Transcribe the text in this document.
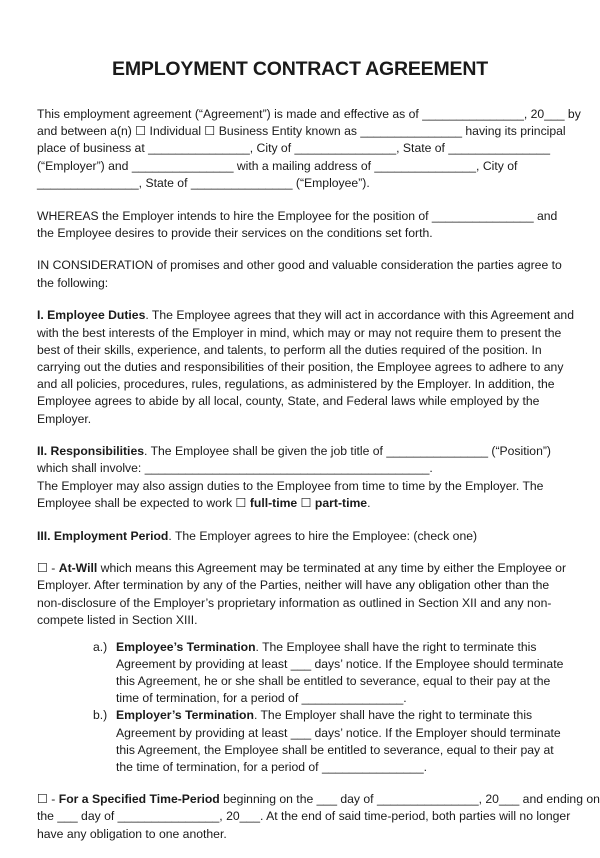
EMPLOYMENT CONTRACT AGREEMENT
This employment agreement (“Agreement”) is made and effective as of _______________, 20___ by
and between a(n) ☐ Individual ☐ Business Entity known as _______________ having its principal
place of business at _______________, City of _______________, State of _______________
(“Employer”) and _______________ with a mailing address of _______________, City of
_______________, State of _______________ (“Employee”).
WHEREAS the Employer intends to hire the Employee for the position of _______________ and
the Employee desires to provide their services on the conditions set forth.
IN CONSIDERATION of promises and other good and valuable consideration the parties agree to
the following:
I. Employee Duties. The Employee agrees that they will act in accordance with this Agreement and
with the best interests of the Employer in mind, which may or may not require them to present the
best of their skills, experience, and talents, to perform all the duties required of the position. In
carrying out the duties and responsibilities of their position, the Employee agrees to adhere to any
and all policies, procedures, rules, regulations, as administered by the Employer. In addition, the
Employee agrees to abide by all local, county, State, and Federal laws while employed by the
Employer.
II. Responsibilities. The Employee shall be given the job title of _______________ (“Position”)
which shall involve: __________________________________________.
The Employer may also assign duties to the Employee from time to time by the Employer. The
Employee shall be expected to work ☐ full-time ☐ part-time.
III. Employment Period. The Employer agrees to hire the Employee: (check one)
☐ - At-Will which means this Agreement may be terminated at any time by either the Employee or
Employer. After termination by any of the Parties, neither will have any obligation other than the
non-disclosure of the Employer’s proprietary information as outlined in Section XII and any non-
compete listed in Section XIII.
a.) Employee’s Termination. The Employee shall have the right to terminate this
Agreement by providing at least ___ days’ notice. If the Employee should terminate
this Agreement, he or she shall be entitled to severance, equal to their pay at the
time of termination, for a period of _______________.
b.) Employer’s Termination. The Employer shall have the right to terminate this
Agreement by providing at least ___ days’ notice. If the Employer should terminate
this Agreement, the Employee shall be entitled to severance, equal to their pay at
the time of termination, for a period of _______________.
☐ - For a Specified Time-Period beginning on the ___ day of _______________, 20___ and ending on
the ___ day of _______________, 20___. At the end of said time-period, both parties will no longer
have any obligation to one another.
